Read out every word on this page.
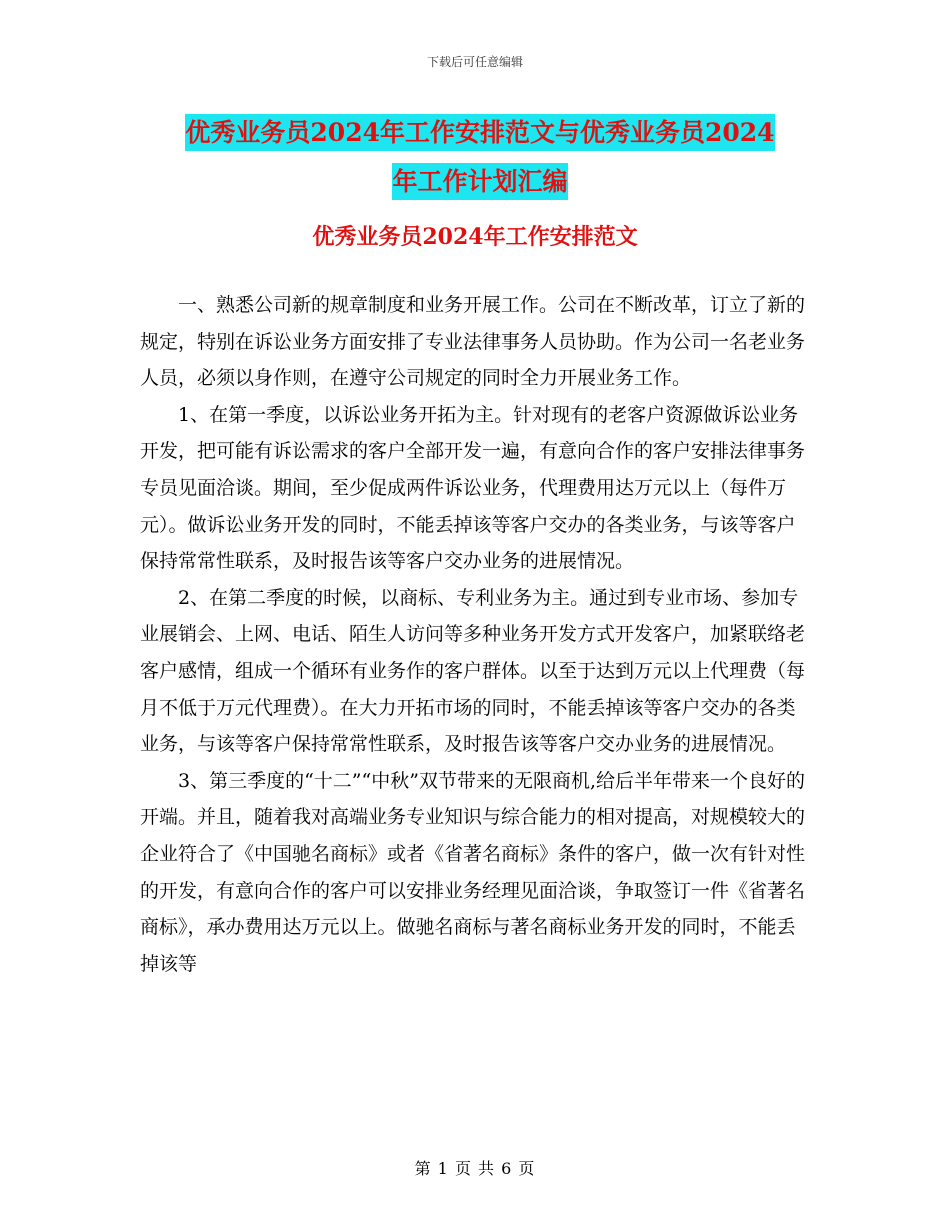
下载后可任意编辑
优秀业务员2024年工作安排范文与优秀业务员2024
年工作计划汇编
优秀业务员2024年工作安排范文

一、熟悉公司新的规章制度和业务开展工作。公司在不断改革，订立了新的规定，特别在诉讼业务方面安排了专业法律事务人员协助。作为公司一名老业务人员，必须以身作则，在遵守公司规定的同时全力开展业务工作。

1、在第一季度，以诉讼业务开拓为主。针对现有的老客户资源做诉讼业务开发，把可能有诉讼需求的客户全部开发一遍，有意向合作的客户安排法律事务专员见面洽谈。期间，至少促成两件诉讼业务，代理费用达万元以上（每件万元）。做诉讼业务开发的同时，不能丢掉该等客户交办的各类业务，与该等客户保持常常性联系，及时报告该等客户交办业务的进展情况。

2、在第二季度的时候，以商标、专利业务为主。通过到专业市场、参加专业展销会、上网、电话、陌生人访问等多种业务开发方式开发客户，加紧联络老客户感情，组成一个循环有业务作的客户群体。以至于达到万元以上代理费（每月不低于万元代理费）。在大力开拓市场的同时，不能丢掉该等客户交办的各类业务，与该等客户保持常常性联系，及时报告该等客户交办业务的进展情况。

3、第三季度的“十二”“中秋”双节带来的无限商机,给后半年带来一个良好的开端。并且，随着我对高端业务专业知识与综合能力的相对提高，对规模较大的企业符合了《中国驰名商标》或者《省著名商标》条件的客户，做一次有针对性的开发，有意向合作的客户可以安排业务经理见面洽谈，争取签订一件《省著名商标》，承办费用达万元以上。做驰名商标与著名商标业务开发的同时，不能丢掉该等

第 1 页 共 6 页
